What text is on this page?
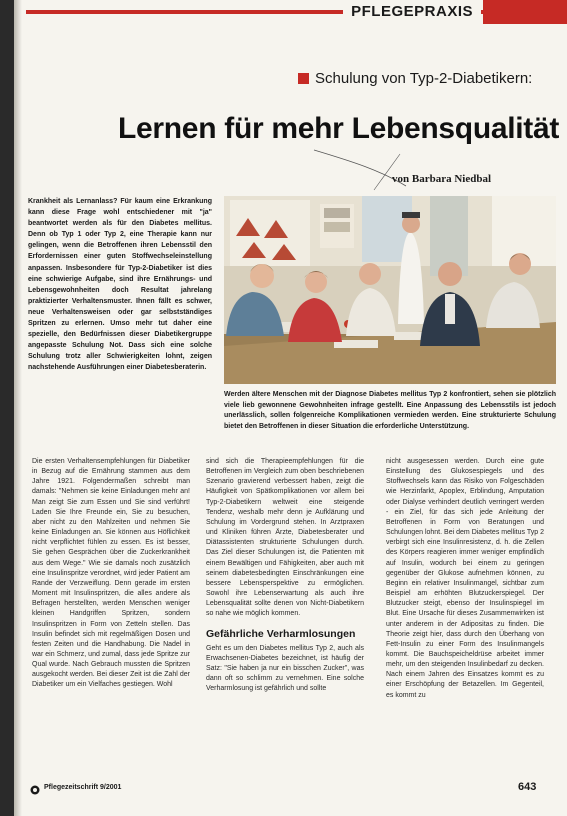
PFLEGEPRAXIS
Schulung von Typ-2-Diabetikern:
Lernen für mehr Lebensqualität
von Barbara Niedbal
Krankheit als Lernanlass? Für kaum eine Erkrankung kann diese Frage wohl entschiedener mit "ja" beantwortet werden als für den Diabetes mellitus. Denn ob Typ 1 oder Typ 2, eine Therapie kann nur gelingen, wenn die Betroffenen ihren Lebensstil den Erfordernissen einer guten Stoffwechseleinstellung anpassen. Insbesondere für Typ-2-Diabetiker ist dies eine schwierige Aufgabe, sind ihre Ernährungs- und Lebensgewohnheiten doch Resultat jahrelang praktizierter Verhaltensmuster. Ihnen fällt es schwer, neue Verhaltensweisen oder gar selbstständiges Spritzen zu erlernen. Umso mehr tut daher eine spezielle, den Bedürfnissen dieser Diabetikergruppe angepasste Schulung Not. Dass sich eine solche Schulung trotz aller Schwierigkeiten lohnt, zeigen nachstehende Ausführungen einer Diabetesberaterin.
Werden ältere Menschen mit der Diagnose Diabetes mellitus Typ 2 konfrontiert, sehen sie plötzlich viele lieb gewonnene Gewohnheiten infrage gestellt. Eine Anpassung des Lebensstils ist jedoch unerlässlich, sollen folgenreiche Komplikationen vermieden werden. Eine strukturierte Schulung bietet den Betroffenen in dieser Situation die erforderliche Unterstützung.
Die ersten Verhaltensempfehlungen für Diabetiker in Bezug auf die Ernährung stammen aus dem Jahre 1921. Folgendermaßen schreibt man damals: "Nehmen sie keine Einladungen mehr an! Man zeigt Sie zum Essen und Sie sind verführt! Laden Sie Ihre Freunde ein, Sie zu besuchen, aber nicht zu den Mahlzeiten und nehmen Sie keine Einladungen an. Sie können aus Höflichkeit nicht verpflichtet fühlen zu essen. Es ist besser, Sie gehen Gesprächen über die Zuckerkrankheit aus dem Wege." Wie sie damals noch zusätzlich eine Insulinspritze verordnet, wird jeder Patient am Rande der Verzweiflung. Denn gerade im ersten Moment mit Insulinspritzen, die alles andere als Befragen herstellten, werden Menschen weniger kleinen Handgriffen Spritzen, sondern Insulinspritzen in Form von Zetteln stellen. Das Insulin befindet sich mit regelmäßigen Dosen und festen Zeiten und die Handhabung. Die Nadel in war ein Schmerz, und zumal, dass jede Spritze zur Qual wurde. Nach Gebrauch mussten die Spritzen ausgekocht werden. Bei dieser Zeit ist die Zahl der Diabetiker um ein Vielfaches gestiegen. Wohl
sind sich die Therapieempfehlungen für die Betroffenen im Vergleich zum oben beschriebenen Szenario gravierend verbessert haben, zeigt die Häufigkeit von Spätkomplikationen vor allem bei Typ-2-Diabetikern weltweit eine steigende Tendenz, weshalb mehr denn je Aufklärung und Schulung im Vordergrund stehen. In Arztpraxen und Kliniken führen Ärzte, Diabetesberater und Diätassistenten strukturierte Schulungen durch. Das Ziel dieser Schulungen ist, die Patienten mit einem Bewältigen und Fähigkeiten, aber auch mit seinem diabetesbedingten Einschränkungen eine bessere Lebensperspektive zu ermöglichen. Sowohl ihre Lebenserwartung als auch ihre Lebensqualität sollte denen von Nicht-Diabetikern so nahe wie möglich kommen.
Gefährliche Verharmlosungen
Geht es um den Diabetes mellitus Typ 2, auch als Erwachsenen-Diabetes bezeichnet, ist häufig der Satz: "Sie haben ja nur ein bisschen Zucker", was dann oft so schlimm zu vernehmen. Eine solche Verharmlosung ist gefährlich und sollte
nicht ausgesessen werden. Durch eine gute Einstellung des Glukosespiegels und des Stoffwechsels kann das Risiko von Folgeschäden wie Herzinfarkt, Apoplex, Erblindung, Amputation oder Dialyse verhindert deutlich verringert werden - ein Ziel, für das sich jede Anleitung der Betroffenen in Form von Beratungen und Schulungen lohnt. Bei dem Diabetes mellitus Typ 2 verbirgt sich eine Insulinresistenz, d. h. die Zellen des Körpers reagieren immer weniger empfindlich auf Insulin, wodurch bei einem zu geringen gegenüber der Glukose aufnehmen können, zu Beginn ein relativer Insulinmangel, sichtbar zum Beispiel am erhöhten Blutzuckerspiegel. Der Blutzucker steigt, ebenso der Insulinspiegel im Blut. Eine Ursache für dieses Zusammenwirken ist unter anderem in der Adipositas zu finden. Die Theorie zeigt hier, dass durch den Überhang von Fett-Insulin zu einer Form des Insulinmangels kommt. Die Bauchspeicheldrüse arbeitet immer mehr, um den steigenden Insulinbedarf zu decken. Nach einem Jahren des Einsatzes kommt es zu einer Erschöpfung der Betazellen. Im Gegenteil, es kommt zu
Pflegezeitschrift 9/2001	643
